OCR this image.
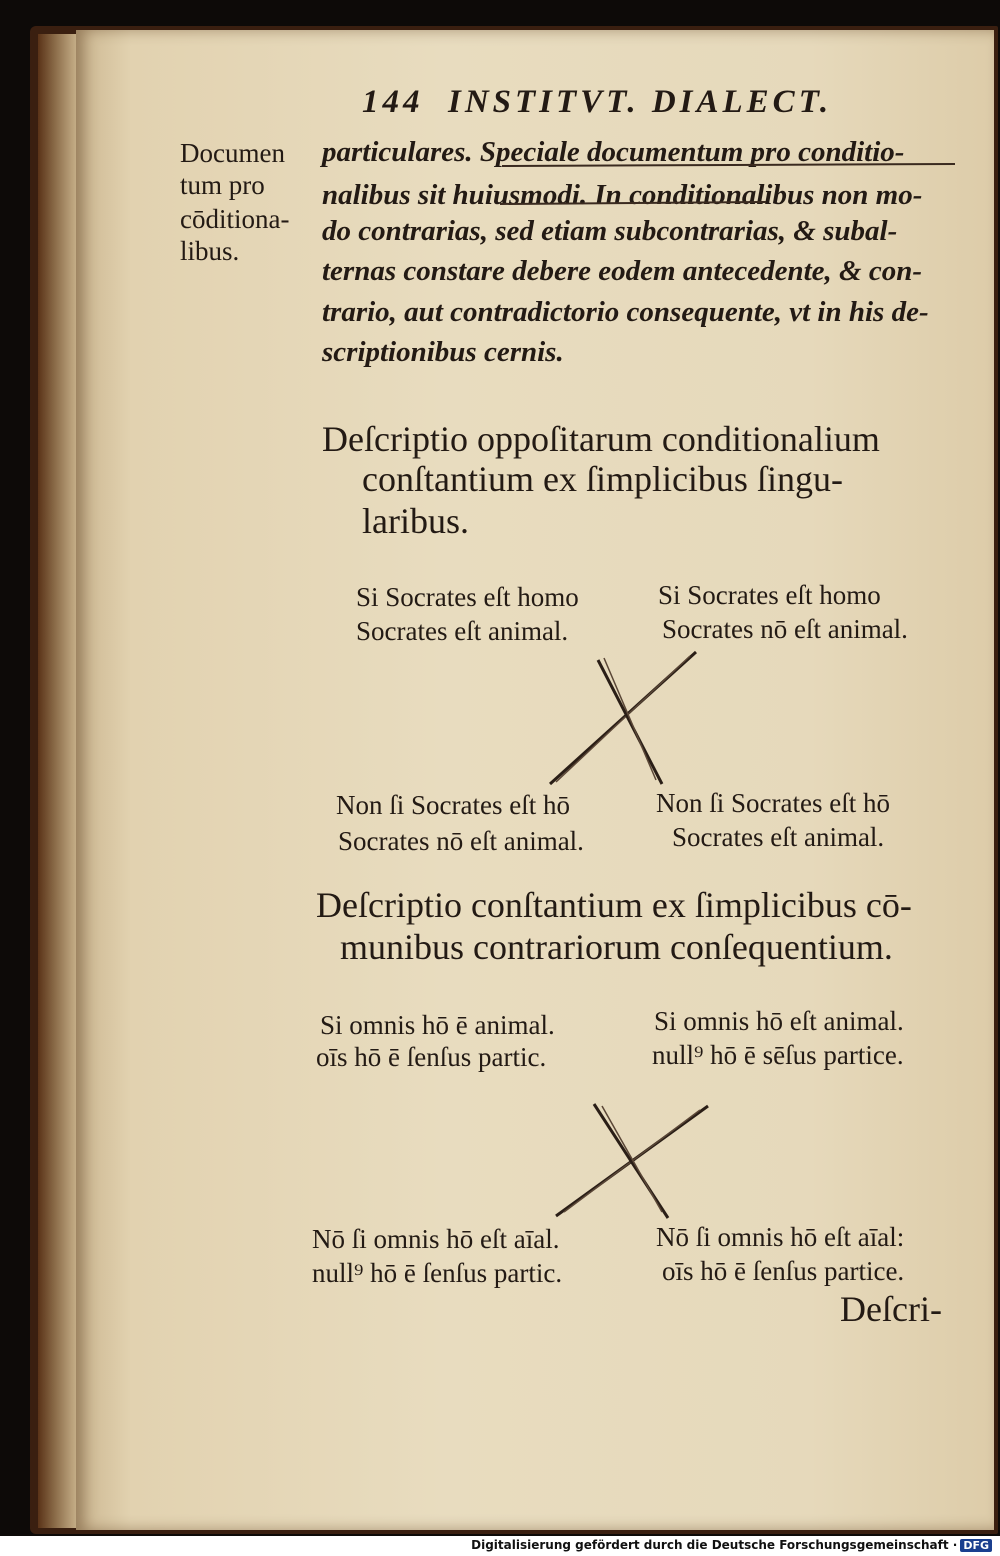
144 INSTITVT. DIALECT.
Documen
tum pro
cōditiona-
libus.
particulares. Speciale documentum pro conditio-
nalibus sit huiusmodi. In conditionalibus non mo-
do contrarias, sed etiam subcontrarias, & subal-
ternas constare debere eodem antecedente, & con-
trario, aut contradictorio consequente, vt in his de-
scriptionibus cernis.
Deſcriptio oppoſitarum conditionalium
conſtantium ex ſimplicibus ſingu-
laribus.
Si Socrates eſt homo
Socrates eſt animal.
Si Socrates eſt homo
Socrates nō eſt animal.
Non ſi Socrates eſt hō
Socrates nō eſt animal.
Non ſi Socrates eſt hō
Socrates eſt animal.
Deſcriptio conſtantium ex ſimplicibus cō-
munibus contrariorum conſequentium.
Si omnis hō ē animal.
oīs hō ē ſenſus partic.
Si omnis hō eſt animal.
null⁹ hō ē sēſus partice.
Nō ſi omnis hō eſt aīal.
null⁹ hō ē ſenſus partic.
Nō ſi omnis hō eſt aīal:
oīs hō ē ſenſus partice.
Deſcri-
Digitalisierung gefördert durch die Deutsche Forschungsgemeinschaft · DFG
